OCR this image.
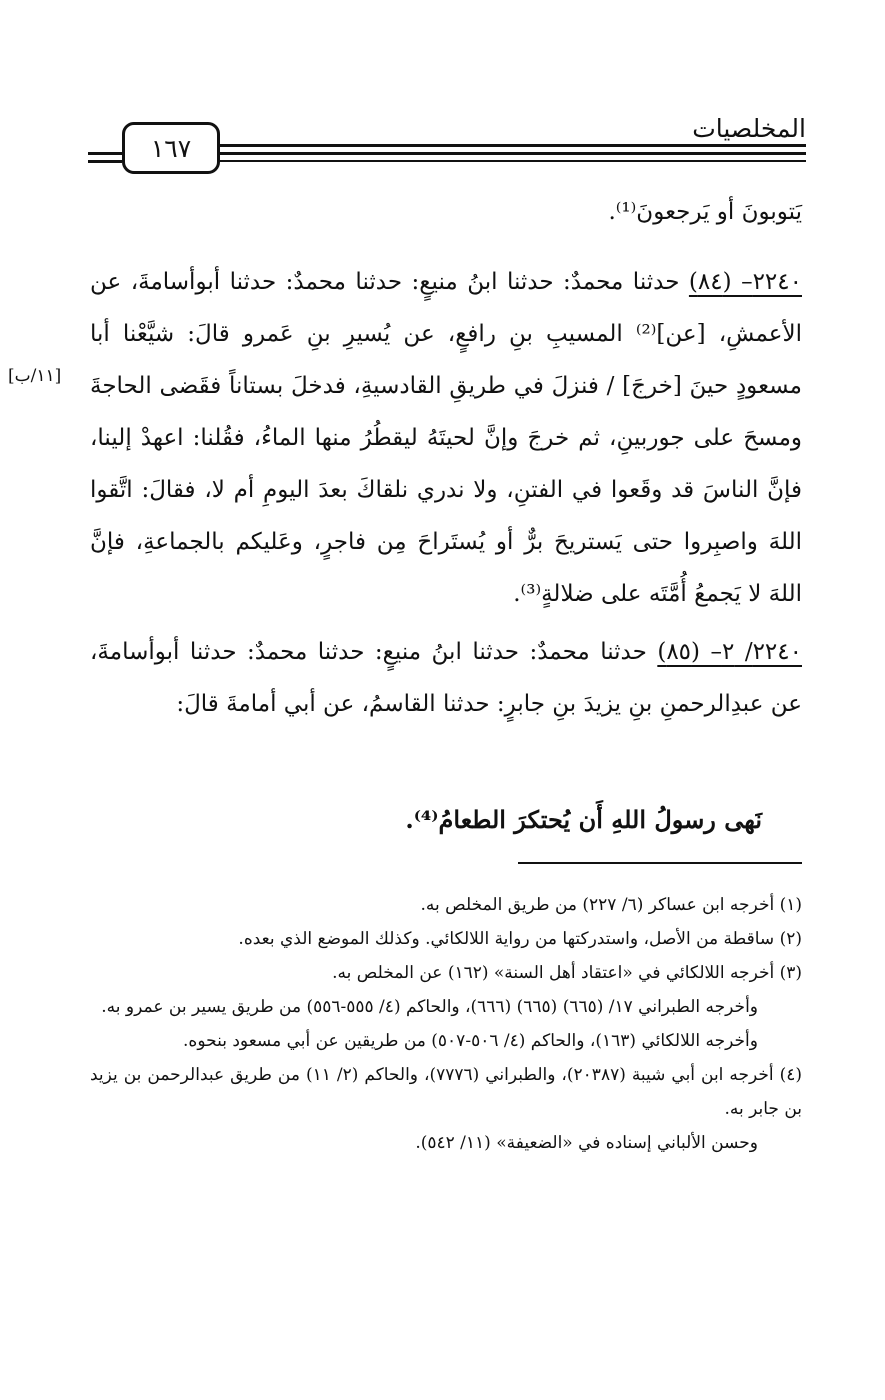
١٦٧
المخلصيات

يَتوبونَ أو يَرجعونَ⁽¹⁾.

٢٢٤٠– (٨٤) حدثنا محمدٌ: حدثنا ابنُ منيعٍ: حدثنا محمدٌ: حدثنا أبوأسامةَ، عن الأعمشِ، [عن]⁽²⁾ المسيبِ بنِ رافعٍ، عن يُسيرِ بنِ عَمرو قالَ: شيَّعْنا أبا مسعودٍ حينَ [خرجَ] / فنزلَ في طريقِ القادسيةِ، فدخلَ بستاناً فقَضى الحاجةَ ومسحَ على جوربينِ، ثم خرجَ وإنَّ لحيتَهُ ليقطُرُ منها الماءُ، فقُلنا: اعهدْ إلينا، فإنَّ الناسَ قد وقَعوا في الفتنِ، ولا ندري نلقاكَ بعدَ اليومِ أم لا، فقالَ: اتَّقوا اللهَ واصبِروا حتى يَستريحَ برٌّ أو يُستَراحَ مِن فاجرٍ، وعَليكم بالجماعةِ، فإنَّ اللهَ لا يَجمعُ أُمَّتَه على ضلالةٍ⁽³⁾.

[١١/ب]

٢٢٤٠/ ٢– (٨٥) حدثنا محمدٌ: حدثنا ابنُ منيعٍ: حدثنا محمدٌ: حدثنا أبوأسامةَ، عن عبدِالرحمنِ بنِ يزيدَ بنِ جابرٍ: حدثنا القاسمُ، عن أبي أمامةَ قالَ:

نَهى رسولُ اللهِ أَن يُحتكرَ الطعامُ⁽⁴⁾.

(١) أخرجه ابن عساكر (٦/ ٢٢٧) من طريق المخلص به.

(٢) ساقطة من الأصل، واستدركتها من رواية اللالكائي. وكذلك الموضع الذي بعده.

(٣) أخرجه اللالكائي في «اعتقاد أهل السنة» (١٦٢) عن المخلص به.

وأخرجه الطبراني ١٧/ (٦٦٥) (٦٦٥) (٦٦٦)، والحاكم (٤/ ٥٥٥-٥٥٦) من طريق يسير بن عمرو به.

وأخرجه اللالكائي (١٦٣)، والحاكم (٤/ ٥٠٦-٥٠٧) من طريقين عن أبي مسعود بنحوه.

(٤) أخرجه ابن أبي شيبة (٢٠٣٨٧)، والطبراني (٧٧٧٦)، والحاكم (٢/ ١١) من طريق عبدالرحمن بن يزيد بن جابر به.

وحسن الألباني إسناده في «الضعيفة» (١١/ ٥٤٢).
